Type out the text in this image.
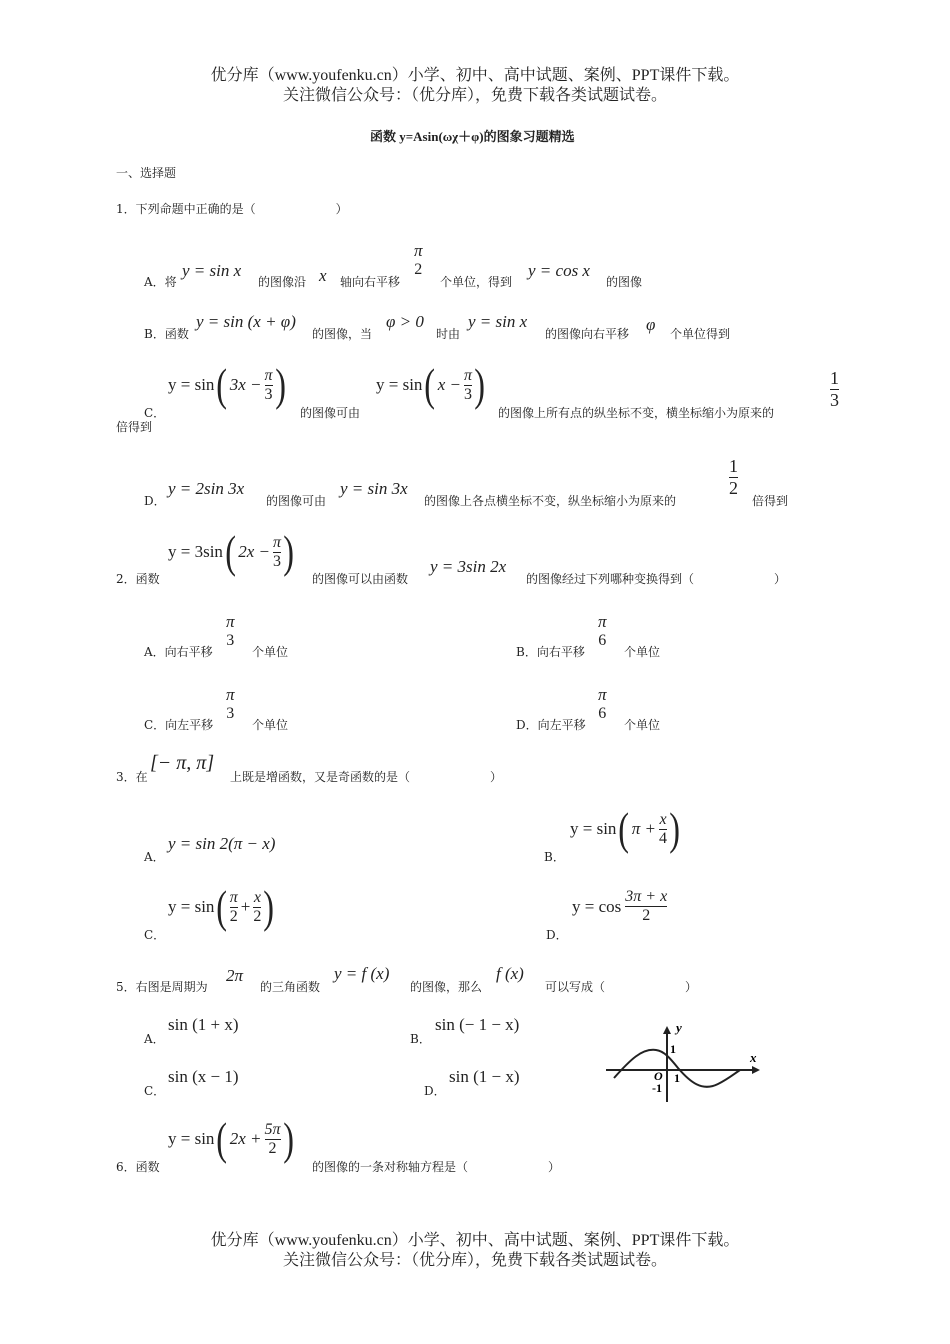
优分库（www.youfenku.cn）小学、初中、高中试题、案例、PPT课件下载。
关注微信公众号：（优分库），免费下载各类试题试卷。
函数 y=Asin(ωχ＋φ)的图象习题精选
一、选择题
1．下列命题中正确的是（	）
A．将
y = sin x
的图像沿 x 轴向右平移
π
2
个单位，得到
y = cos x
的图像
B．函数
y = sin (x + φ)
的图像，当
φ > 0
时由
y = sin x
的图像向右平移 φ 个单位得到
C．
y = sin ( $3x - \frac{\pi}{3}$ )
的图像可由
y = sin ( $x - \frac{\pi}{3}$ )
的图像上所有点的纵坐标不变，横坐标缩小为原来的
1
3
倍得到
D．
y = 2sin 3x
的图像可由
y = sin 3x
的图像上各点横坐标不变，纵坐标缩小为原来的
1
2
倍得到
2．函数
y = 3sin ( $2x - \frac{\pi}{3}$ )
的图像可以由函数
y = 3sin 2x
的图像经过下列哪种变换得到（	）
A．向右平移
π
3
个单位	B．向右平移
π
6
个单位
C．向左平移
π
3
个单位	D．向左平移
π
6
个单位
3．在
[− π, π]
上既是增函数，又是奇函数的是（	）
A．
y = sin 2(π − x)
B．
y = sin ( $\pi + \frac{x}{4}$ )
C．
y = sin ( $\frac{\pi}{2} + \frac{x}{2}$ )
D．
$y = \cos \frac{3\pi + x}{2}$
5．右图是周期为
2π
的三角函数
y = f (x)
的图像，那么
f (x)
可以写成（	）
A．
sin (1 + x)
B．
sin (− 1 − x)
C．
sin (x − 1)
D．
sin (1 − x)
y
x
1
1
O
-1
6．函数
y = sin ( $2x + \frac{5\pi}{2}$ )
的图像的一条对称轴方程是（	）
优分库（www.youfenku.cn）小学、初中、高中试题、案例、PPT课件下载。
关注微信公众号：（优分库），免费下载各类试题试卷。
